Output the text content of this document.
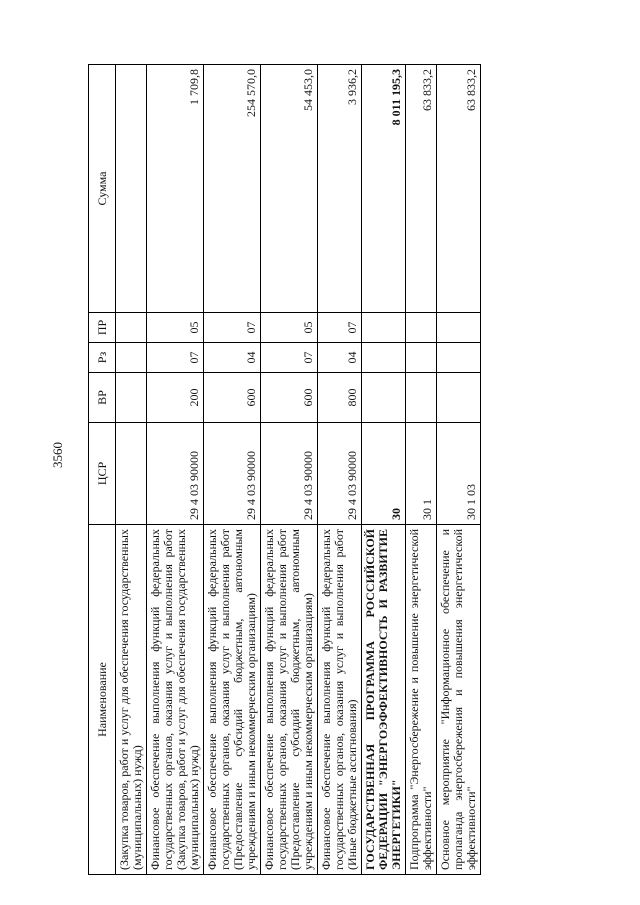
3560
Наименование	ЦСР	ВР	Рз	ПР	Сумма
(Закупка товаров, работ и услуг для обеспечения государственных (муниципальных) нужд)					
Финансовое обеспечение выполнения функций федеральных государственных органов, оказания услуг и выполнения работ (Закупка товаров, работ и услуг для обеспечения государственных (муниципальных) нужд)	29 4 03 90000	200	07	05	1 709,8
Финансовое обеспечение выполнения функций федеральных государственных органов, оказания услуг и выполнения работ (Предоставление субсидий бюджетным, автономным учреждениям и иным некоммерческим организациям)	29 4 03 90000	600	04	07	254 570,0
Финансовое обеспечение выполнения функций федеральных государственных органов, оказания услуг и выполнения работ (Предоставление субсидий бюджетным, автономным учреждениям и иным некоммерческим организациям)	29 4 03 90000	600	07	05	54 453,0
Финансовое обеспечение выполнения функций федеральных государственных органов, оказания услуг и выполнения работ (Иные бюджетные ассигнования)	29 4 03 90000	800	04	07	3 936,2
ГОСУДАРСТВЕННАЯ ПРОГРАММА РОССИЙСКОЙ ФЕДЕРАЦИИ "ЭНЕРГОЭФФЕКТИВНОСТЬ И РАЗВИТИЕ ЭНЕРГЕТИКИ"	30				8 011 195,3
Подпрограмма "Энергосбережение и повышение энергетической эффективности"	30 1				63 833,2
Основное мероприятие "Информационное обеспечение и пропаганда энергосбережения и повышения энергетической эффективности"	30 1 03				63 833,2
